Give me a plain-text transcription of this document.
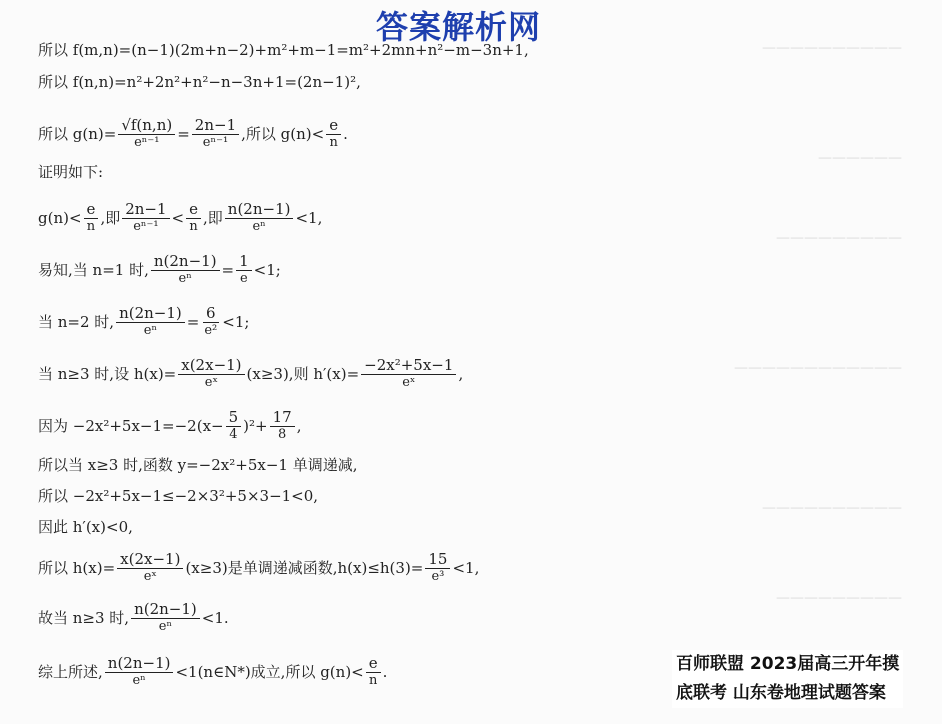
——————————
——————
—————————
————————————
——————————
—————————
答案解析网
所以 f(m,n)=(n−1)(2m+n−2)+m²+m−1=m²+2mn+n²−m−3n+1,
所以 f(n,n)=n²+2n²+n²−n−3n+1=(2n−1)²,
所以 $g(n)= \frac{√f(n,n)}{\text{eⁿ⁻¹}} = \frac{2n-1}{\text{eⁿ⁻¹}}$ ,所以 $g(n)< \frac{e}{n}$ .
证明如下:
$g(n)< \frac{e}{n}$ ,即 $\frac{2n-1}{\text{eⁿ⁻¹}} < \frac{e}{n}$ ,即 $\frac{n(2n-1)}{\text{eⁿ}} <1$,
易知,当 n=1 时, $\frac{n(2n-1)}{\text{eⁿ}} = \frac{1}{e} <1$;
当 n=2 时, $\frac{n(2n-1)}{\text{eⁿ}} = \frac{6}{\text{e²}} <1$;
当 n≥3 时,设 $h(x)= \frac{x(2x-1)}{\text{eˣ}} (x\ge 3)$,则 $h'(x)= \frac{\text{−2x²+5x−1}}{\text{eˣ}}$ ,
因为 $-2x^2+5x-1=-2(x- \frac{5}{4} )^2+ \frac{17}{8}$ ,
所以当 x≥3 时,函数 y=−2x²+5x−1 单调递减,
所以 −2x²+5x−1≤−2×3²+5×3−1<0,
因此 h′(x)<0,
所以 $h(x)= \frac{x(2x-1)}{\text{eˣ}} (x\ge 3)$是单调递减函数$,h(x)\le h(3)= \frac{15}{\text{e³}} <1$,
故当 n≥3 时, $\frac{n(2n-1)}{\text{eⁿ}} <1$.
综上所述, $\frac{n(2n-1)}{\text{eⁿ}}$ <1(n∈N*)成立,所以 $g(n)< \frac{e}{n}$ .	百师联盟 2023届高三开年摸
底联考 山东卷地理试题答案
